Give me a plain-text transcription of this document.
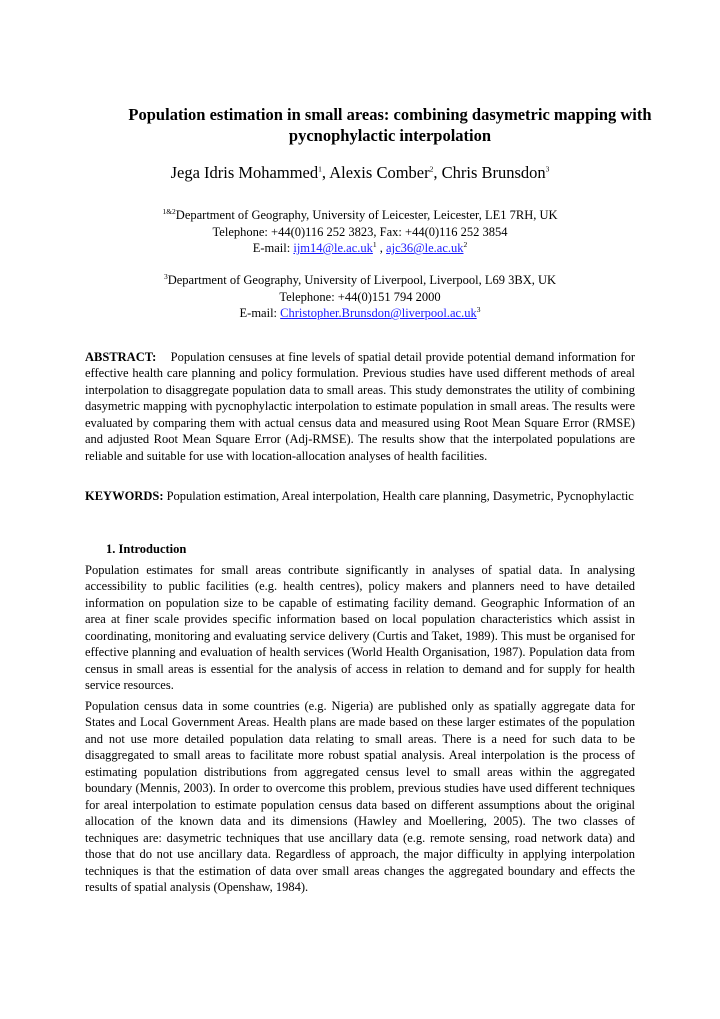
Population estimation in small areas: combining dasymetric mapping with
pycnophylactic interpolation
Jega Idris Mohammed$^1$, Alexis Comber$^2$, Chris Brunsdon$^3$
$^{1\&2}$Department of Geography, University of Leicester, Leicester, LE1 7RH, UK
Telephone: +44(0)116 252 3823, Fax: +44(0)116 252 3854
E-mail: $ijm14@le.ac.uk^1$ , $ajc36@le.ac.uk^2$
$^3$Department of Geography, University of Liverpool, Liverpool, L69 3BX, UK
Telephone: +44(0)151 794 2000
E-mail: $Christopher.Brunsdon@liverpool.ac.uk^3$
ABSTRACT: Population censuses at fine levels of spatial detail provide potential demand information for effective health care planning and policy formulation. Previous studies have used different methods of areal interpolation to disaggregate population data to small areas. This study demonstrates the utility of combining dasymetric mapping with pycnophylactic interpolation to estimate population in small areas. The results were evaluated by comparing them with actual census data and measured using Root Mean Square Error (RMSE) and adjusted Root Mean Square Error (Adj-RMSE). The results show that the interpolated populations are reliable and suitable for use with location-allocation analyses of health facilities.
KEYWORDS: Population estimation, Areal interpolation, Health care planning, Dasymetric, Pycnophylactic
1. Introduction
Population estimates for small areas contribute significantly in analyses of spatial data. In analysing accessibility to public facilities (e.g. health centres), policy makers and planners need to have detailed information on population size to be capable of estimating facility demand. Geographic Information of an area at finer scale provides specific information based on local population characteristics which assist in coordinating, monitoring and evaluating service delivery (Curtis and Taket, 1989). This must be organised for effective planning and evaluation of health services (World Health Organisation, 1987). Population data from census in small areas is essential for the analysis of access in relation to demand and for supply for health service resources.
Population census data in some countries (e.g. Nigeria) are published only as spatially aggregate data for States and Local Government Areas. Health plans are made based on these larger estimates of the population and not use more detailed population data relating to small areas. There is a need for such data to be disaggregated to small areas to facilitate more robust spatial analysis. Areal interpolation is the process of estimating population distributions from aggregated census level to small areas within the aggregated boundary (Mennis, 2003). In order to overcome this problem, previous studies have used different techniques for areal interpolation to estimate population census data based on different assumptions about the original allocation of the known data and its dimensions (Hawley and Moellering, 2005). The two classes of techniques are: dasymetric techniques that use ancillary data (e.g. remote sensing, road network data) and those that do not use ancillary data. Regardless of approach, the major difficulty in applying interpolation techniques is that the estimation of data over small areas changes the aggregated boundary and effects the results of spatial analysis (Openshaw, 1984).
